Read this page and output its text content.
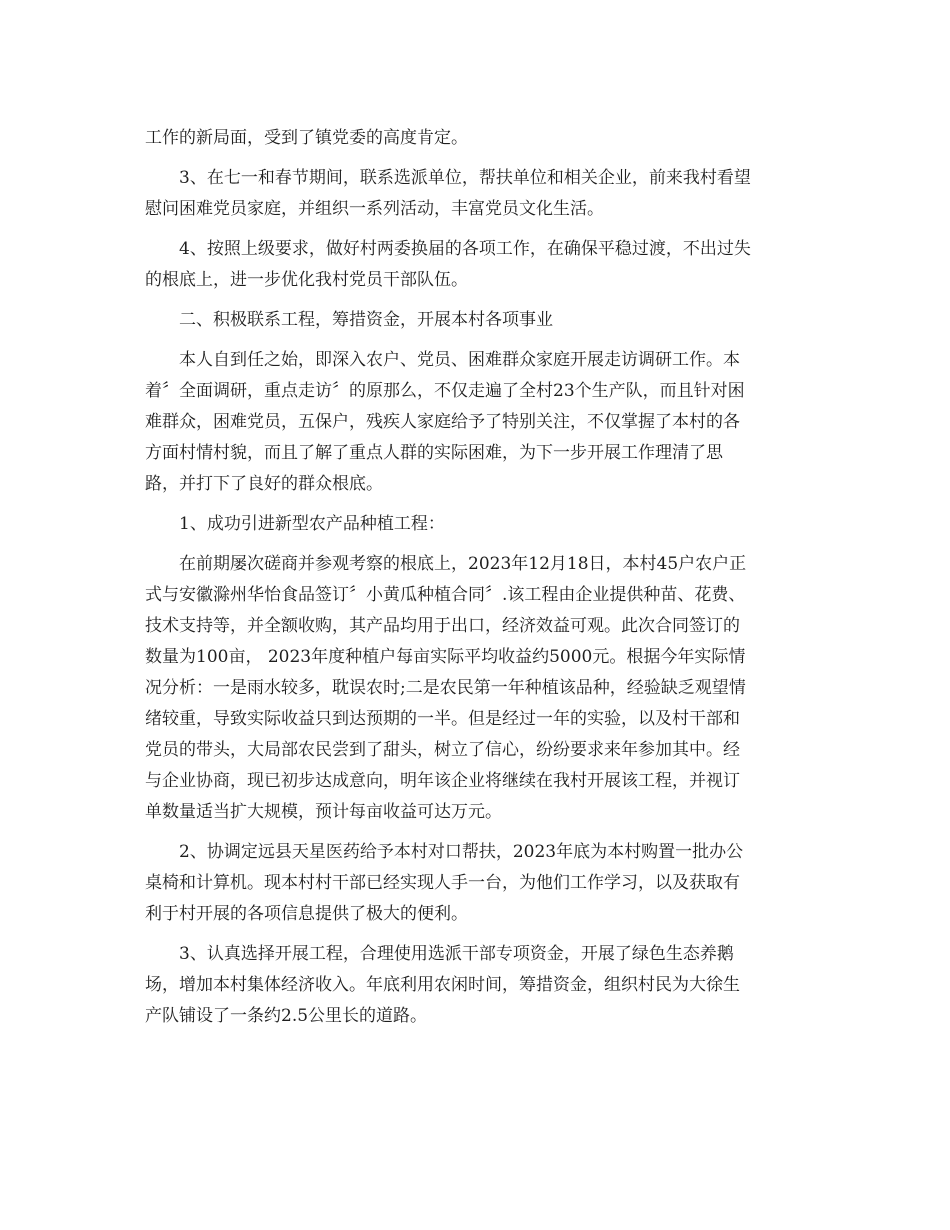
工作的新局面，受到了镇党委的高度肯定。
3、在七一和春节期间，联系选派单位，帮扶单位和相关企业，前来我村看望
慰问困难党员家庭，并组织一系列活动，丰富党员文化生活。
4、按照上级要求，做好村两委换届的各项工作，在确保平稳过渡，不出过失
的根底上，进一步优化我村党员干部队伍。
二、积极联系工程，筹措资金，开展本村各项事业
本人自到任之始，即深入农户、党员、困难群众家庭开展走访调研工作。本
着〞全面调研，重点走访〞的原那么，不仅走遍了全村23个生产队，而且针对困
难群众，困难党员，五保户，残疾人家庭给予了特别关注，不仅掌握了本村的各
方面村情村貌，而且了解了重点人群的实际困难，为下一步开展工作理清了思
路，并打下了良好的群众根底。
1、成功引进新型农产品种植工程：
在前期屡次磋商并参观考察的根底上，2023年12月18日，本村45户农户正
式与安徽滁州华怡食品签订〞小黄瓜种植合同〞.该工程由企业提供种苗、花费、
技术支持等，并全额收购，其产品均用于出口，经济效益可观。此次合同签订的
数量为100亩， 2023年度种植户每亩实际平均收益约5000元。根据今年实际情
况分析：一是雨水较多，耽误农时;二是农民第一年种植该品种，经验缺乏观望情
绪较重，导致实际收益只到达预期的一半。但是经过一年的实验，以及村干部和
党员的带头，大局部农民尝到了甜头，树立了信心，纷纷要求来年参加其中。经
与企业协商，现已初步达成意向，明年该企业将继续在我村开展该工程，并视订
单数量适当扩大规模，预计每亩收益可达万元。
2、协调定远县天星医药给予本村对口帮扶，2023年底为本村购置一批办公
桌椅和计算机。现本村村干部已经实现人手一台，为他们工作学习，以及获取有
利于村开展的各项信息提供了极大的便利。
3、认真选择开展工程，合理使用选派干部专项资金，开展了绿色生态养鹅
场，增加本村集体经济收入。年底利用农闲时间，筹措资金，组织村民为大徐生
产队铺设了一条约2.5公里长的道路。
